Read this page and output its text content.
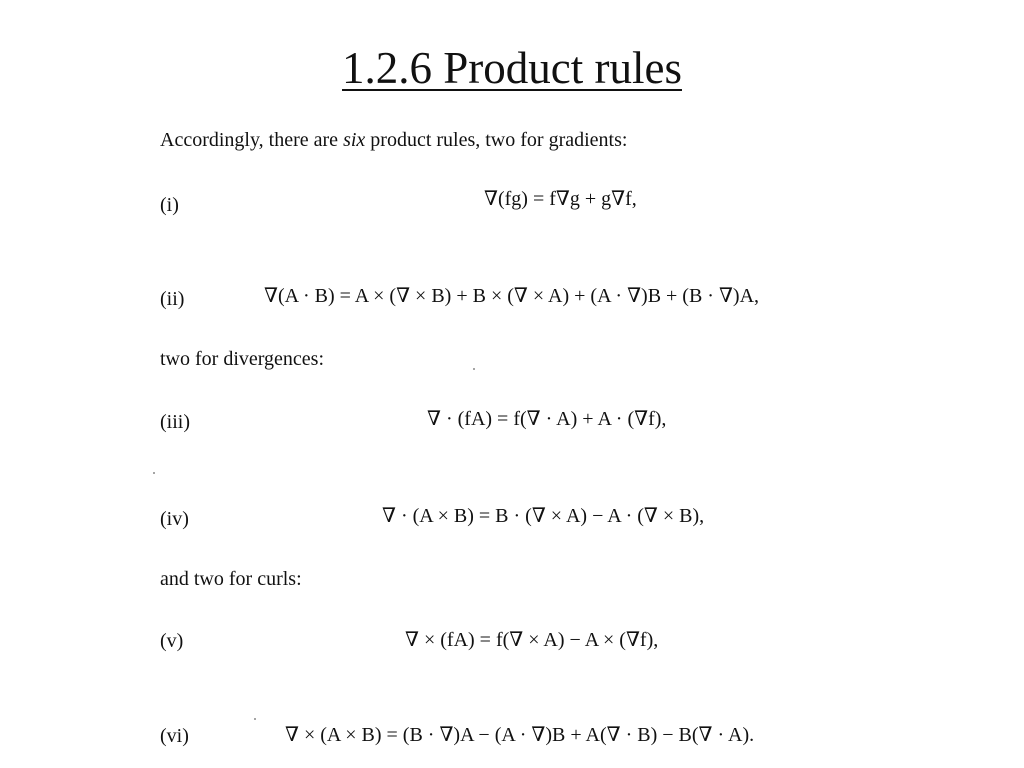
1.2.6 Product rules
Accordingly, there are six product rules, two for gradients:
(i)	∇(fg) = f∇g + g∇f,
(ii)	∇(A · B) = A × (∇ × B) + B × (∇ × A) + (A · ∇)B + (B · ∇)A,
two for divergences:
(iii)	∇ · (fA) = f(∇ · A) + A · (∇f),
(iv)	∇ · (A × B) = B · (∇ × A) − A · (∇ × B),
and two for curls:
(v)	∇ × (fA) = f(∇ × A) − A × (∇f),
(vi)	∇ × (A × B) = (B · ∇)A − (A · ∇)B + A(∇ · B) − B(∇ · A).
